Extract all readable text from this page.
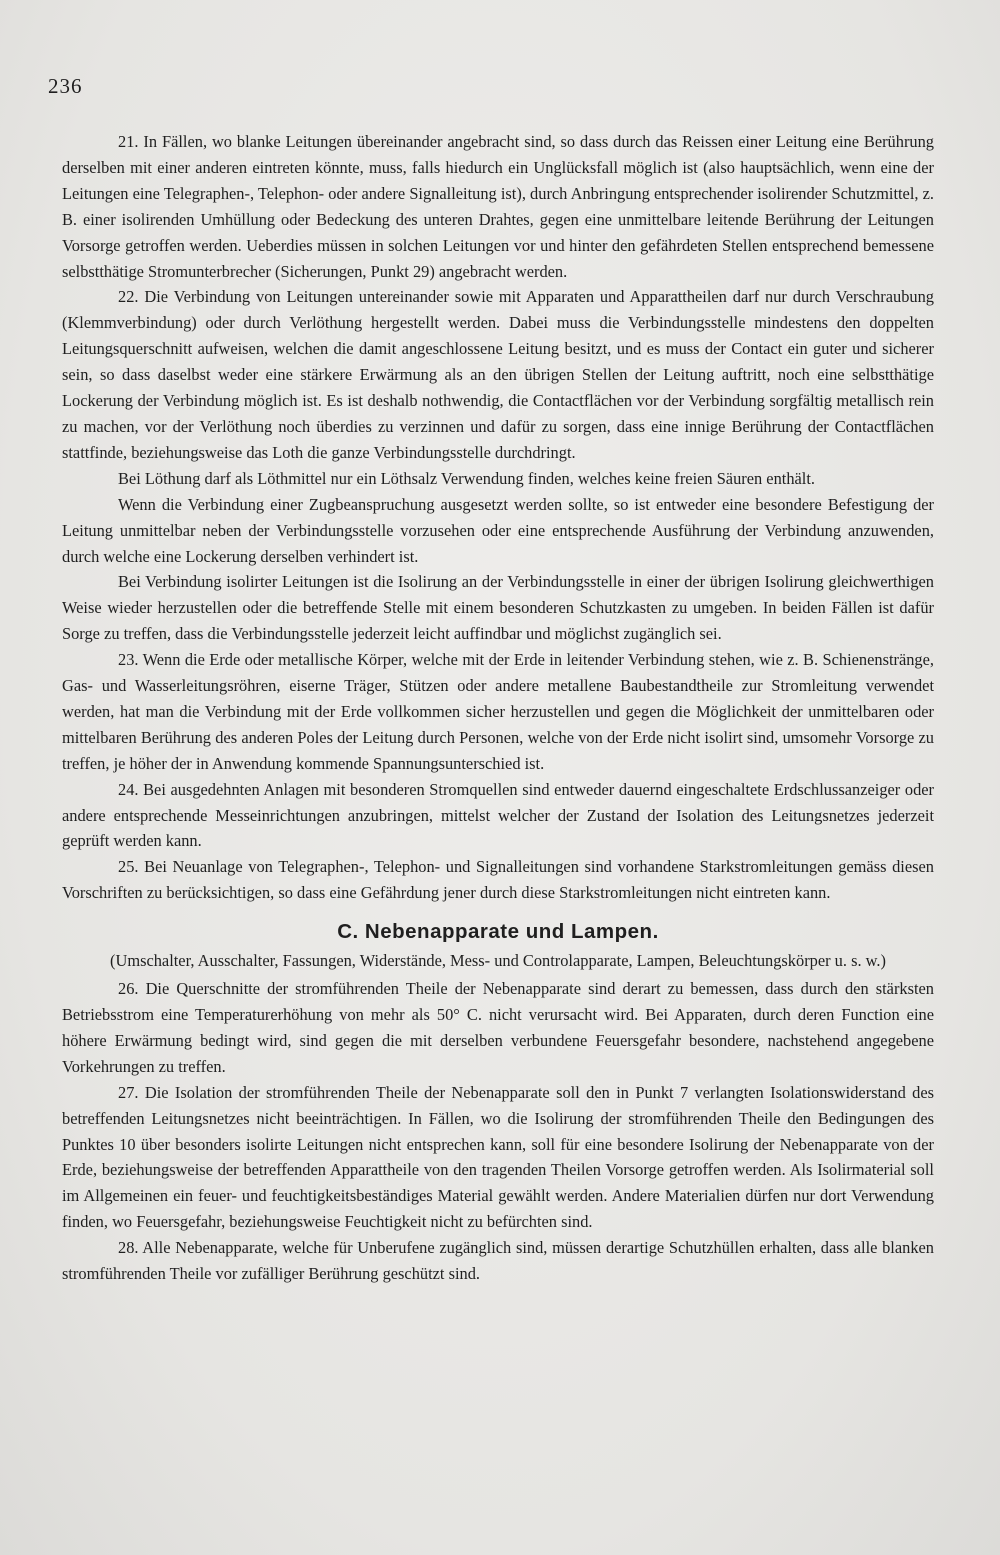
236

21. In Fällen, wo blanke Leitungen übereinander angebracht sind, so dass durch das Reissen einer Leitung eine Berührung derselben mit einer anderen eintreten könnte, muss, falls hiedurch ein Unglücksfall möglich ist (also hauptsächlich, wenn eine der Leitungen eine Telegraphen-, Telephon- oder andere Signalleitung ist), durch Anbringung entsprechender isolirender Schutzmittel, z. B. einer isolirenden Umhüllung oder Bedeckung des unteren Drahtes, gegen eine unmittelbare leitende Berührung der Leitungen Vorsorge getroffen werden. Ueberdies müssen in solchen Leitungen vor und hinter den gefährdeten Stellen entsprechend bemessene selbstthätige Stromunterbrecher (Sicherungen, Punkt 29) angebracht werden.

22. Die Verbindung von Leitungen untereinander sowie mit Apparaten und Apparattheilen darf nur durch Verschraubung (Klemmverbindung) oder durch Verlöthung hergestellt werden. Dabei muss die Verbindungsstelle mindestens den doppelten Leitungsquerschnitt aufweisen, welchen die damit angeschlossene Leitung besitzt, und es muss der Contact ein guter und sicherer sein, so dass daselbst weder eine stärkere Erwärmung als an den übrigen Stellen der Leitung auftritt, noch eine selbstthätige Lockerung der Verbindung möglich ist. Es ist deshalb nothwendig, die Contactflächen vor der Verbindung sorgfältig metallisch rein zu machen, vor der Verlöthung noch überdies zu verzinnen und dafür zu sorgen, dass eine innige Berührung der Contactflächen stattfinde, beziehungsweise das Loth die ganze Verbindungsstelle durchdringt.

Bei Löthung darf als Löthmittel nur ein Löthsalz Verwendung finden, welches keine freien Säuren enthält.

Wenn die Verbindung einer Zugbeanspruchung ausgesetzt werden sollte, so ist entweder eine besondere Befestigung der Leitung unmittelbar neben der Verbindungsstelle vorzusehen oder eine entsprechende Ausführung der Verbindung anzuwenden, durch welche eine Lockerung derselben verhindert ist.

Bei Verbindung isolirter Leitungen ist die Isolirung an der Verbindungsstelle in einer der übrigen Isolirung gleichwerthigen Weise wieder herzustellen oder die betreffende Stelle mit einem besonderen Schutzkasten zu umgeben. In beiden Fällen ist dafür Sorge zu treffen, dass die Verbindungsstelle jederzeit leicht auffindbar und möglichst zugänglich sei.

23. Wenn die Erde oder metallische Körper, welche mit der Erde in leitender Verbindung stehen, wie z. B. Schienenstränge, Gas- und Wasserleitungsröhren, eiserne Träger, Stützen oder andere metallene Baubestandtheile zur Stromleitung verwendet werden, hat man die Verbindung mit der Erde vollkommen sicher herzustellen und gegen die Möglichkeit der unmittelbaren oder mittelbaren Berührung des anderen Poles der Leitung durch Personen, welche von der Erde nicht isolirt sind, umsomehr Vorsorge zu treffen, je höher der in Anwendung kommende Spannungsunterschied ist.

24. Bei ausgedehnten Anlagen mit besonderen Stromquellen sind entweder dauernd eingeschaltete Erdschlussanzeiger oder andere entsprechende Messeinrichtungen anzubringen, mittelst welcher der Zustand der Isolation des Leitungsnetzes jederzeit geprüft werden kann.

25. Bei Neuanlage von Telegraphen-, Telephon- und Signalleitungen sind vorhandene Starkstromleitungen gemäss diesen Vorschriften zu berücksichtigen, so dass eine Gefährdung jener durch diese Starkstromleitungen nicht eintreten kann.

C. Nebenapparate und Lampen.
(Umschalter, Ausschalter, Fassungen, Widerstände, Mess- und Controlapparate, Lampen, Beleuchtungskörper u. s. w.)

26. Die Querschnitte der stromführenden Theile der Nebenapparate sind derart zu bemessen, dass durch den stärksten Betriebsstrom eine Temperaturerhöhung von mehr als 50° C. nicht verursacht wird. Bei Apparaten, durch deren Function eine höhere Erwärmung bedingt wird, sind gegen die mit derselben verbundene Feuersgefahr besondere, nachstehend angegebene Vorkehrungen zu treffen.

27. Die Isolation der stromführenden Theile der Nebenapparate soll den in Punkt 7 verlangten Isolationswiderstand des betreffenden Leitungsnetzes nicht beeinträchtigen. In Fällen, wo die Isolirung der stromführenden Theile den Bedingungen des Punktes 10 über besonders isolirte Leitungen nicht entsprechen kann, soll für eine besondere Isolirung der Nebenapparate von der Erde, beziehungsweise der betreffenden Apparattheile von den tragenden Theilen Vorsorge getroffen werden. Als Isolirmaterial soll im Allgemeinen ein feuer- und feuchtigkeitsbeständiges Material gewählt werden. Andere Materialien dürfen nur dort Verwendung finden, wo Feuersgefahr, beziehungsweise Feuchtigkeit nicht zu befürchten sind.

28. Alle Nebenapparate, welche für Unberufene zugänglich sind, müssen derartige Schutzhüllen erhalten, dass alle blanken stromführenden Theile vor zufälliger Berührung geschützt sind.
